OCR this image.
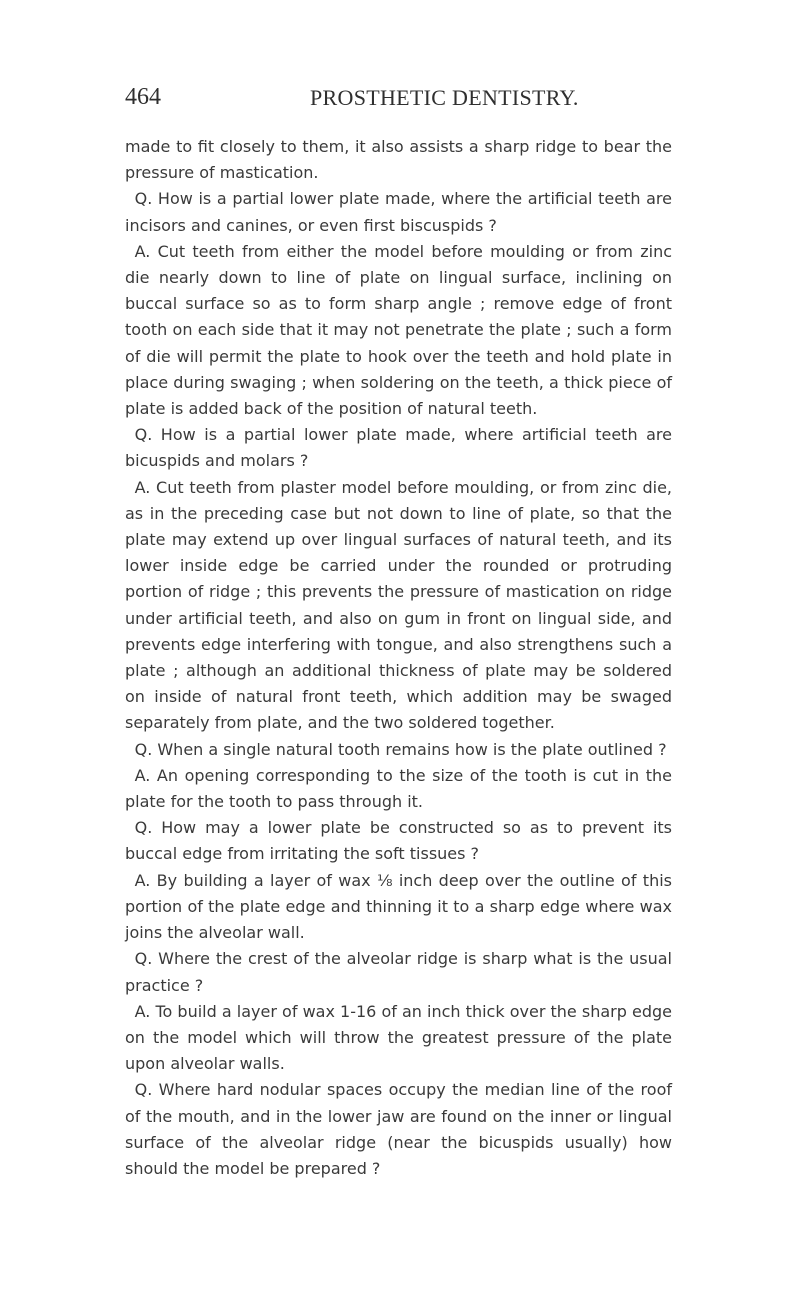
464	PROSTHETIC DENTISTRY.

made to fit closely to them, it also assists a sharp ridge to bear the pressure of mastication.

Q. How is a partial lower plate made, where the artificial teeth are incisors and canines, or even first biscuspids ?

A. Cut teeth from either the model before moulding or from zinc die nearly down to line of plate on lingual surface, inclining on buccal surface so as to form sharp angle ; remove edge of front tooth on each side that it may not penetrate the plate ; such a form of die will permit the plate to hook over the teeth and hold plate in place during swaging ; when soldering on the teeth, a thick piece of plate is added back of the position of natural teeth.

Q. How is a partial lower plate made, where artificial teeth are bicuspids and molars ?

A. Cut teeth from plaster model before moulding, or from zinc die, as in the preceding case but not down to line of plate, so that the plate may extend up over lingual surfaces of natural teeth, and its lower inside edge be carried under the rounded or protruding portion of ridge ; this prevents the pressure of mastication on ridge under artificial teeth, and also on gum in front on lingual side, and prevents edge interfering with tongue, and also strengthens such a plate ; although an additional thickness of plate may be soldered on inside of natural front teeth, which addition may be swaged separately from plate, and the two soldered together.

Q. When a single natural tooth remains how is the plate outlined ?

A. An opening corresponding to the size of the tooth is cut in the plate for the tooth to pass through it.

Q. How may a lower plate be constructed so as to prevent its buccal edge from irritating the soft tissues ?

A. By building a layer of wax ⅛ inch deep over the outline of this portion of the plate edge and thinning it to a sharp edge where wax joins the alveolar wall.

Q. Where the crest of the alveolar ridge is sharp what is the usual practice ?

A. To build a layer of wax 1-16 of an inch thick over the sharp edge on the model which will throw the greatest pressure of the plate upon alveolar walls.

Q. Where hard nodular spaces occupy the median line of the roof of the mouth, and in the lower jaw are found on the inner or lingual surface of the alveolar ridge (near the bicuspids usually) how should the model be prepared ?
